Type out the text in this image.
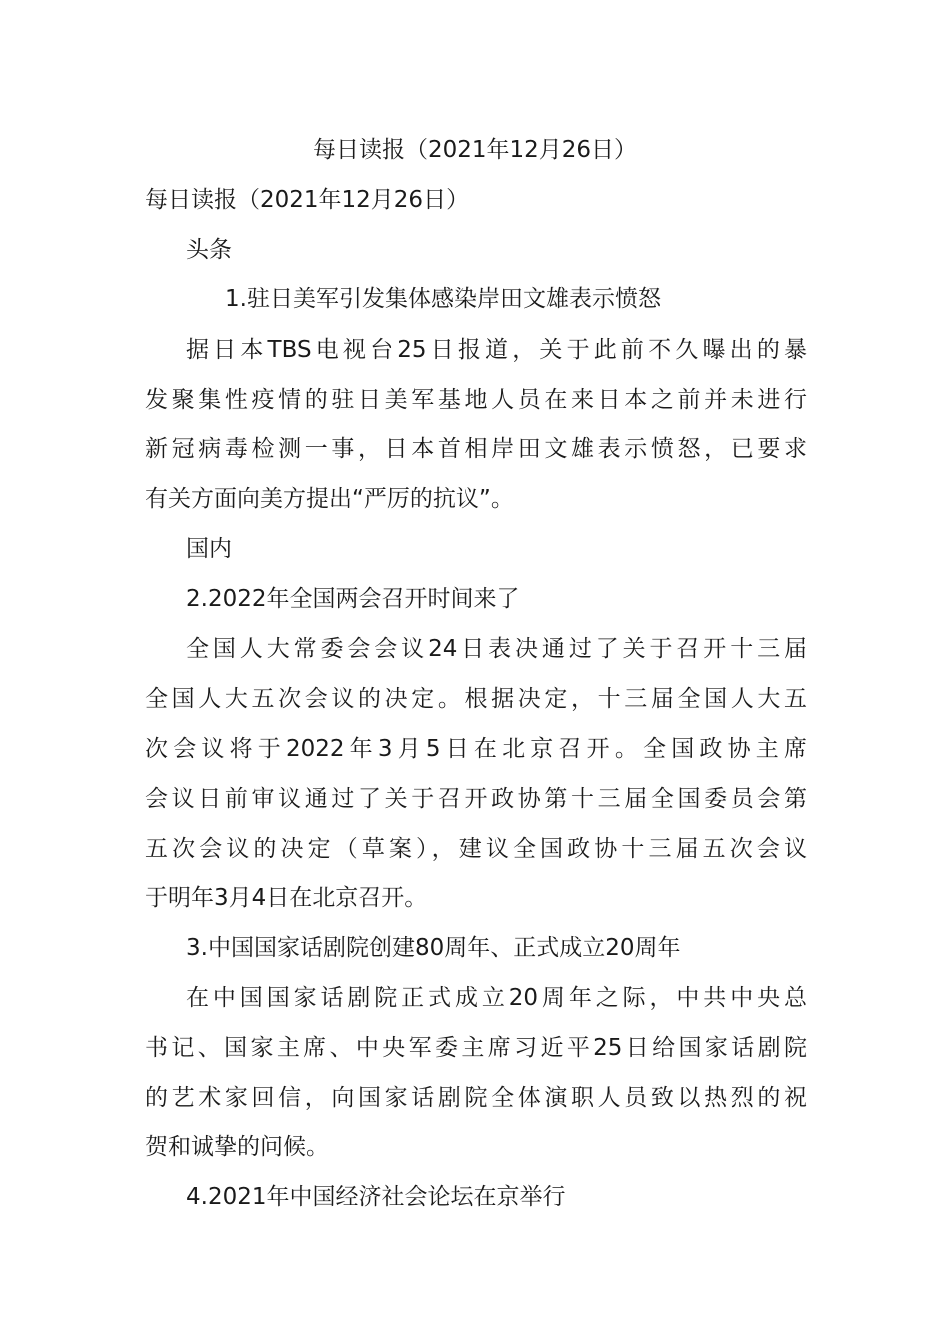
每日读报（2021年12月26日）
每日读报（2021年12月26日）
头条
1.驻日美军引发集体感染岸田文雄表示愤怒
据日本TBS电视台25日报道，关于此前不久曝出的暴
发聚集性疫情的驻日美军基地人员在来日本之前并未进行
新冠病毒检测一事，日本首相岸田文雄表示愤怒，已要求
有关方面向美方提出“严厉的抗议”。
国内
2.2022年全国两会召开时间来了
全国人大常委会会议24日表决通过了关于召开十三届
全国人大五次会议的决定。根据决定，十三届全国人大五
次会议将于2022年3月5日在北京召开。全国政协主席
会议日前审议通过了关于召开政协第十三届全国委员会第
五次会议的决定（草案），建议全国政协十三届五次会议
于明年3月4日在北京召开。
3.中国国家话剧院创建80周年、正式成立20周年
在中国国家话剧院正式成立20周年之际，中共中央总
书记、国家主席、中央军委主席习近平25日给国家话剧院
的艺术家回信，向国家话剧院全体演职人员致以热烈的祝
贺和诚挚的问候。
4.2021年中国经济社会论坛在京举行
